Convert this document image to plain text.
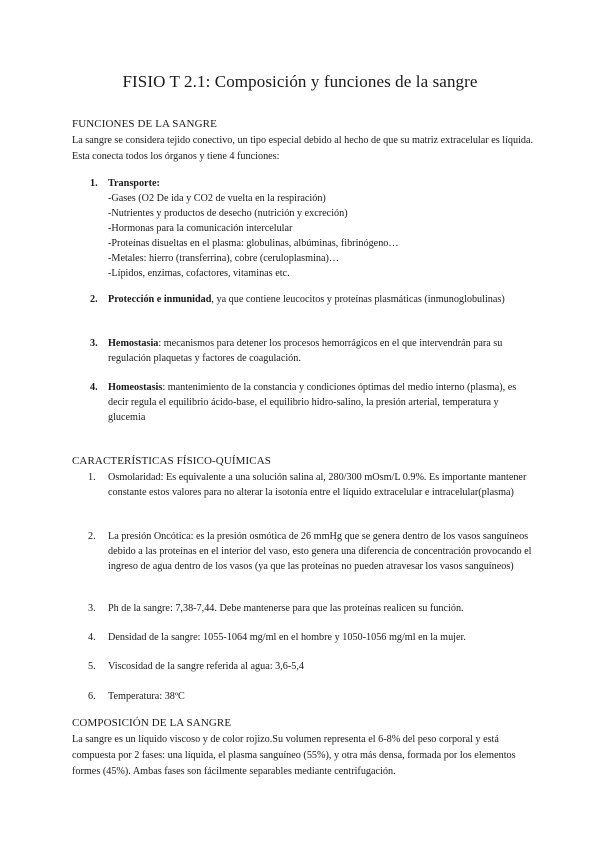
FISIO T 2.1: Composición y funciones de la sangre
FUNCIONES DE LA SANGRE
La sangre se considera tejido conectivo, un tipo especial debido al hecho de que su matriz extracelular es líquida. Esta conecta todos los órganos y tiene 4 funciones:
1. Transporte:
-Gases (O2 De ida y CO2 de vuelta en la respiración)
-Nutrientes y productos de desecho (nutrición y excreción)
-Hormonas para la comunicación intercelular
-Proteínas disueltas en el plasma: globulinas, albúminas, fibrinógeno…
-Metales: hierro (transferrina), cobre (ceruloplasmina)…
-Lípidos, enzimas, cofactores, vitaminas etc.
2. Protección e inmunidad, ya que contiene leucocitos y proteínas plasmáticas (inmunoglobulinas)
3. Hemostasia: mecanismos para detener los procesos hemorrágicos en el que intervendrán para su regulación plaquetas y factores de coagulación.
4. Homeostasis: mantenimiento de la constancia y condiciones óptimas del medio interno (plasma), es decir regula el equilibrio ácido-base, el equilibrio hidro-salino, la presión arterial, temperatura y glucemia
CARACTERÍSTICAS FÍSICO-QUÍMICAS
1. Osmolaridad: Es equivalente a una solución salina al, 280/300 mOsm/L 0.9%. Es importante mantener constante estos valores para no alterar la isotonía entre el líquido extracelular e intracelular(plasma)
2. La presión Oncótica: es la presión osmótica de 26 mmHg que se genera dentro de los vasos sanguíneos debido a las proteínas en el interior del vaso, esto genera una diferencia de concentración provocando el ingreso de agua dentro de los vasos (ya que las proteínas no pueden atravesar los vasos sanguíneos)
3. Ph de la sangre: 7,38-7,44. Debe mantenerse para que las proteínas realicen su función.
4. Densidad de la sangre: 1055-1064 mg/ml en el hombre y 1050-1056 mg/ml en la mujer.
5. Viscosidad de la sangre referida al agua: 3,6-5,4
6. Temperatura: 38ºC
COMPOSICIÓN DE LA SANGRE
La sangre es un líquido viscoso y de color rojizo.Su volumen representa el 6-8% del peso corporal y está compuesta por 2 fases: una líquida, el plasma sanguíneo (55%), y otra más densa, formada por los elementos formes (45%). Ambas fases son fácilmente separables mediante centrifugación.
